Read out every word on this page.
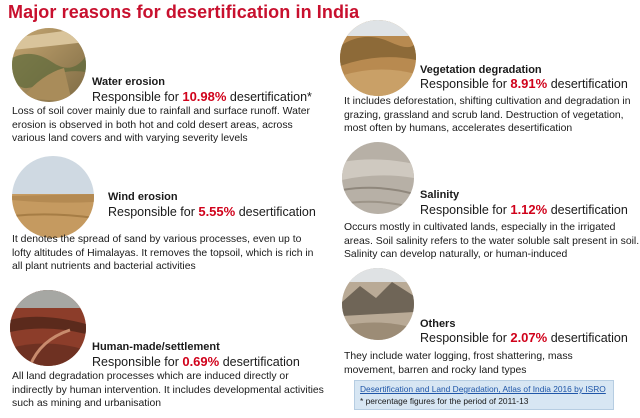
Major reasons for desertification in India
Water erosion
Responsible for 10.98% desertification*
Loss of soil cover mainly due to rainfall and surface runoff. Water erosion is observed in both hot and cold desert areas, across various land covers and with varying severity levels
Wind erosion
Responsible for 5.55% desertification
It denotes the spread of sand by various processes, even up to lofty altitudes of Himalayas. It removes the topsoil, which is rich in all plant nutrients and bacterial activities
Human-made/settlement
Responsible for 0.69% desertification
All land degradation processes which are induced directly or indirectly by human intervention. It includes developmental activities such as mining and urbanisation
Vegetation degradation
Responsible for 8.91% desertification
It includes deforestation, shifting cultivation and degradation in grazing, grassland and scrub land. Destruction of vegetation, most often by humans, accelerates desertification
Salinity
Responsible for 1.12% desertification
Occurs mostly in cultivated lands, especially in the irrigated areas. Soil salinity refers to the water soluble salt present in soil. Salinity can develop naturally, or human-induced
Others
Responsible for 2.07% desertification
They include water logging, frost shattering, mass movement, barren and rocky land types
Desertification and Land Degradation, Atlas of India 2016 by ISRO
* percentage figures for the period of 2011-13
